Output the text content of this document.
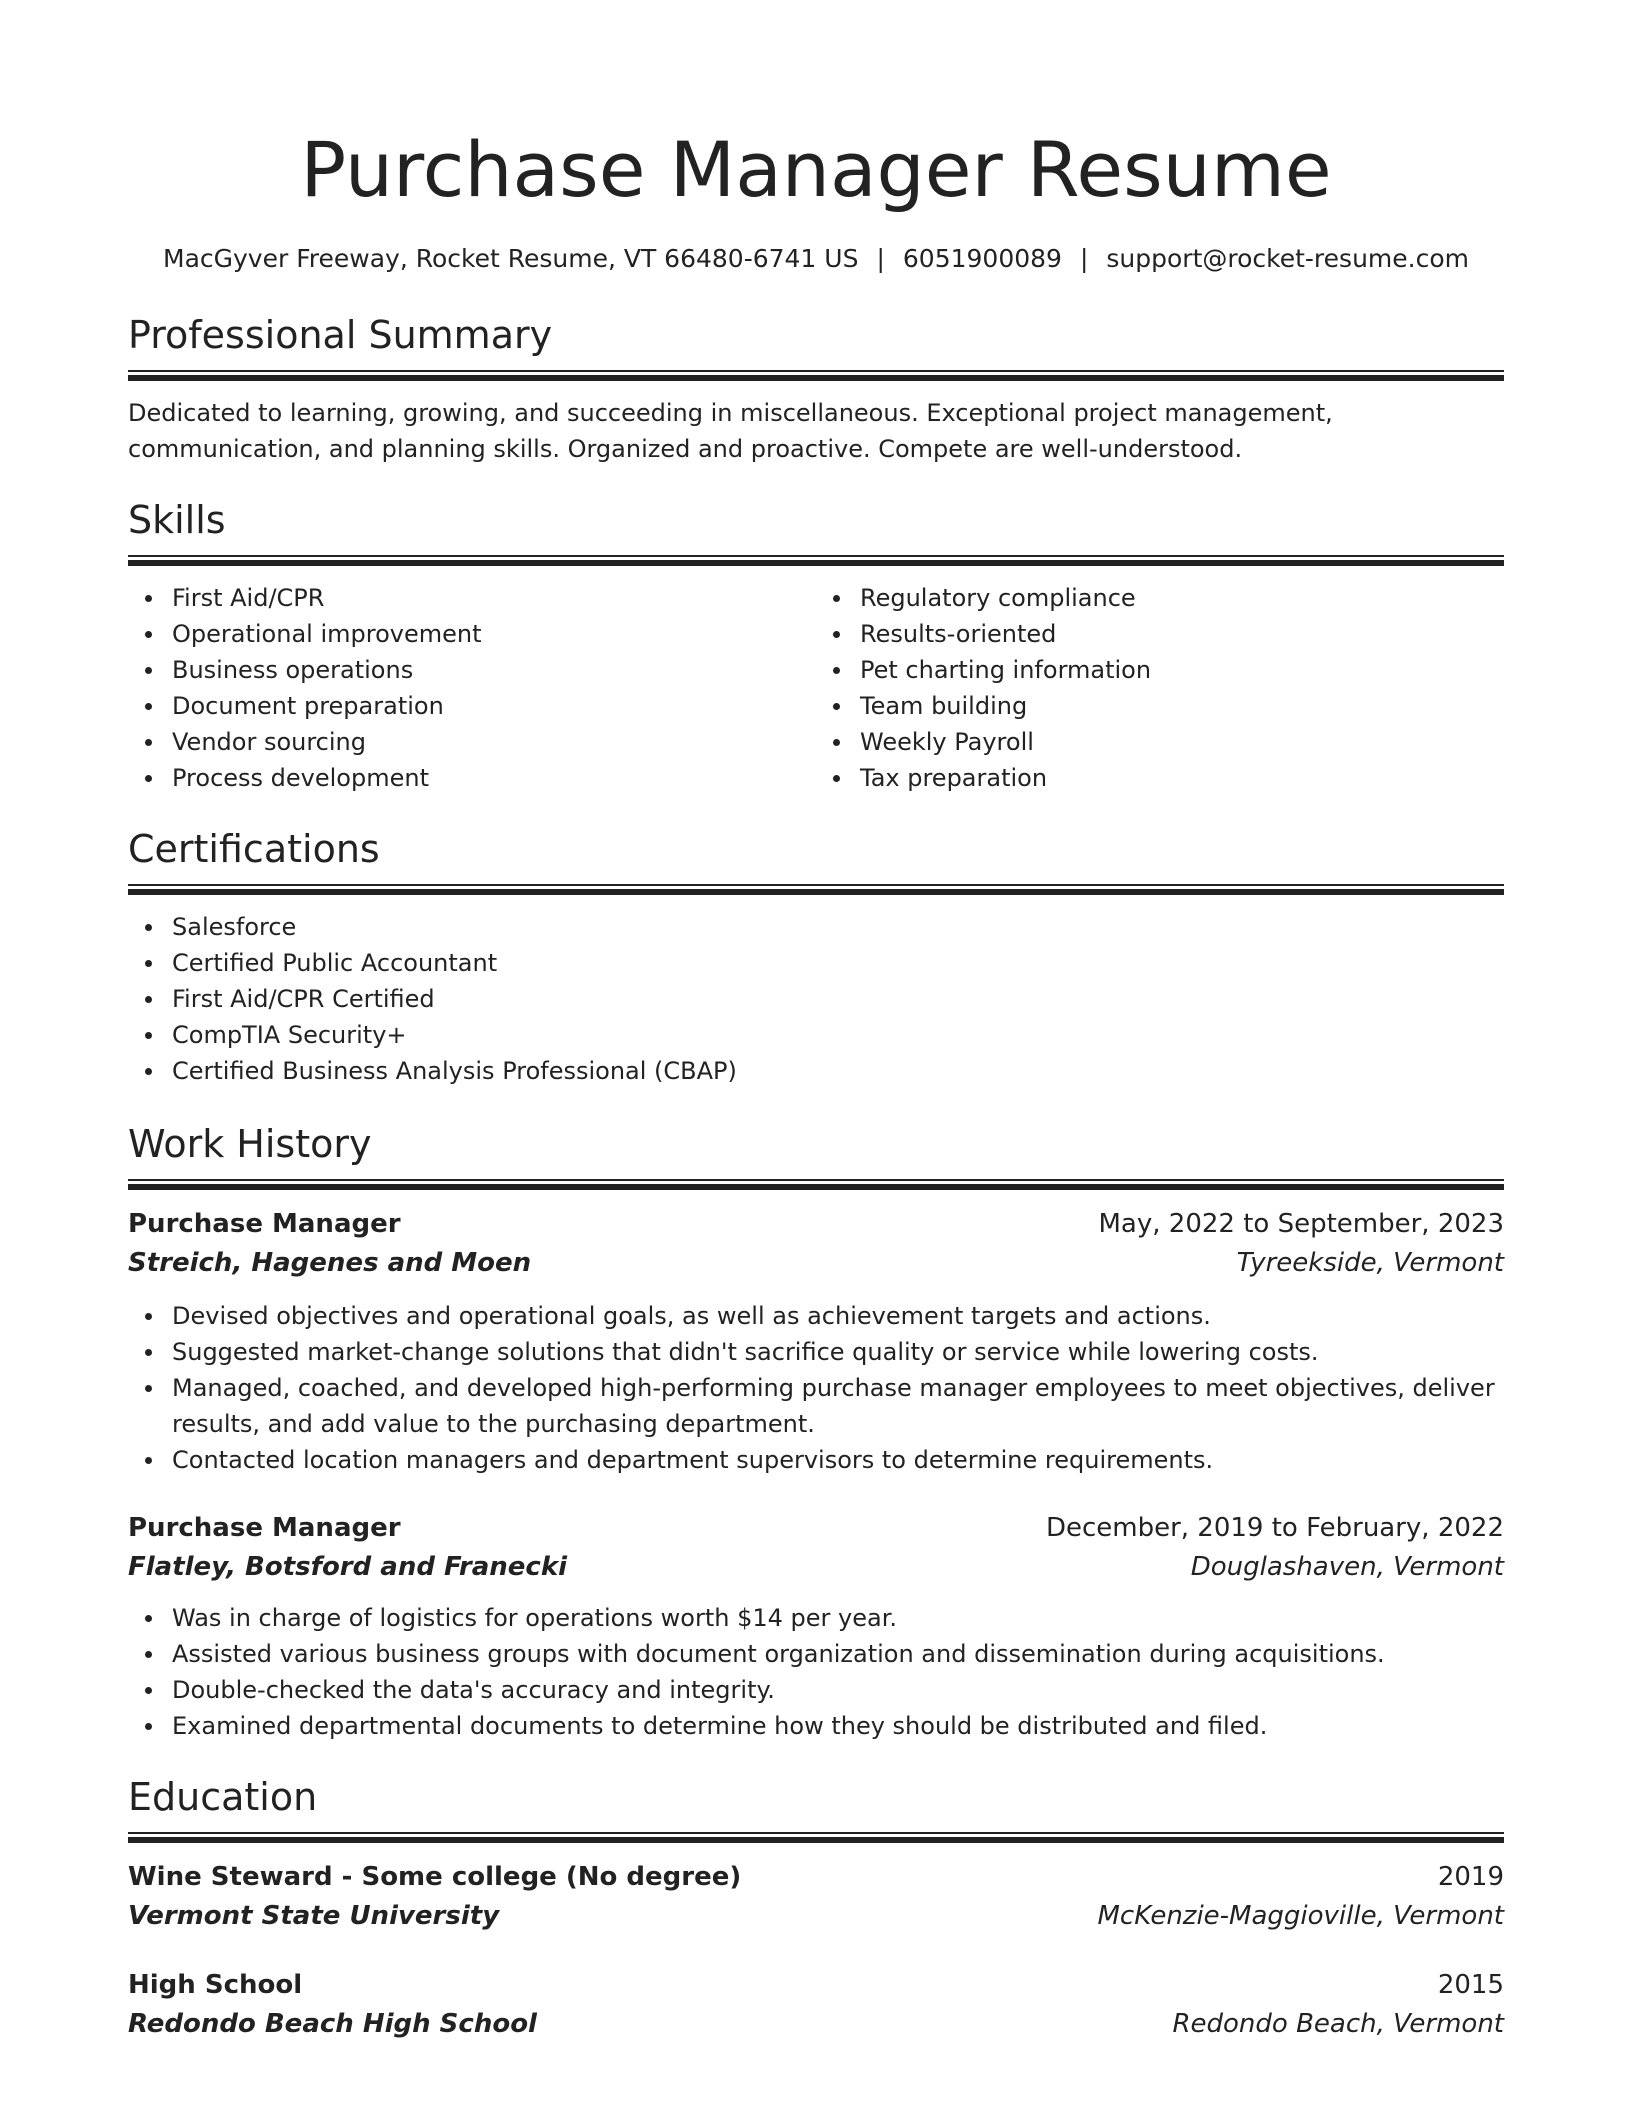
Purchase Manager Resume
MacGyver Freeway, Rocket Resume, VT 66480-6741 US | 6051900089 | support@rocket-resume.com
Professional Summary
Dedicated to learning, growing, and succeeding in miscellaneous. Exceptional project management, communication, and planning skills. Organized and proactive. Compete are well-understood.
Skills
First Aid/CPR
Operational improvement
Business operations
Document preparation
Vendor sourcing
Process development
Regulatory compliance
Results-oriented
Pet charting information
Team building
Weekly Payroll
Tax preparation
Certifications
Salesforce
Certified Public Accountant
First Aid/CPR Certified
CompTIA Security+
Certified Business Analysis Professional (CBAP)
Work History
Purchase Manager	May, 2022 to September, 2023
Streich, Hagenes and Moen	Tyreekside, Vermont
Devised objectives and operational goals, as well as achievement targets and actions.
Suggested market-change solutions that didn't sacrifice quality or service while lowering costs.
Managed, coached, and developed high-performing purchase manager employees to meet objectives, deliver results, and add value to the purchasing department.
Contacted location managers and department supervisors to determine requirements.
Purchase Manager	December, 2019 to February, 2022
Flatley, Botsford and Franecki	Douglashaven, Vermont
Was in charge of logistics for operations worth $14 per year.
Assisted various business groups with document organization and dissemination during acquisitions.
Double-checked the data's accuracy and integrity.
Examined departmental documents to determine how they should be distributed and filed.
Education
Wine Steward - Some college (No degree)	2019
Vermont State University	McKenzie-Maggioville, Vermont
High School	2015
Redondo Beach High School	Redondo Beach, Vermont
